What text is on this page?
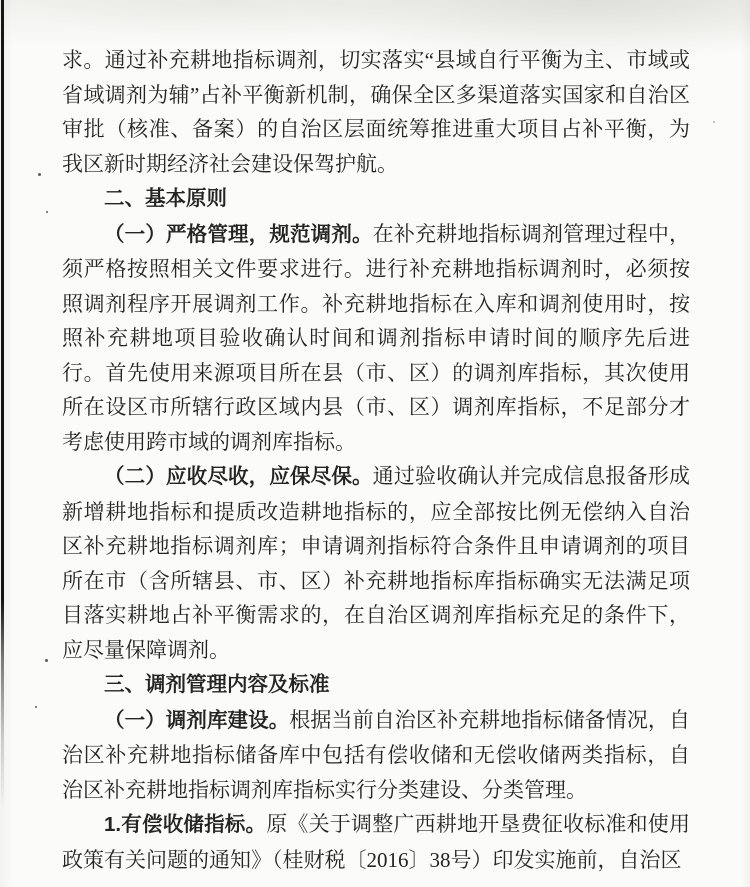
求。通过补充耕地指标调剂，切实落实“县域自行平衡为主、市域或省域调剂为辅”占补平衡新机制，确保全区多渠道落实国家和自治区审批（核准、备案）的自治区层面统筹推进重大项目占补平衡，为我区新时期经济社会建设保驾护航。

二、基本原则

（一）严格管理，规范调剂。在补充耕地指标调剂管理过程中，须严格按照相关文件要求进行。进行补充耕地指标调剂时，必须按照调剂程序开展调剂工作。补充耕地指标在入库和调剂使用时，按照补充耕地项目验收确认时间和调剂指标申请时间的顺序先后进行。首先使用来源项目所在县（市、区）的调剂库指标，其次使用所在设区市所辖行政区域内县（市、区）调剂库指标，不足部分才考虑使用跨市域的调剂库指标。

（二）应收尽收，应保尽保。通过验收确认并完成信息报备形成新增耕地指标和提质改造耕地指标的，应全部按比例无偿纳入自治区补充耕地指标调剂库；申请调剂指标符合条件且申请调剂的项目所在市（含所辖县、市、区）补充耕地指标库指标确实无法满足项目落实耕地占补平衡需求的，在自治区调剂库指标充足的条件下，应尽量保障调剂。

三、调剂管理内容及标准

（一）调剂库建设。根据当前自治区补充耕地指标储备情况，自治区补充耕地指标储备库中包括有偿收储和无偿收储两类指标，自治区补充耕地指标调剂库指标实行分类建设、分类管理。

1.有偿收储指标。原《关于调整广西耕地开垦费征收标准和使用政策有关问题的通知》（桂财税〔2016〕38号）印发实施前，自治区
